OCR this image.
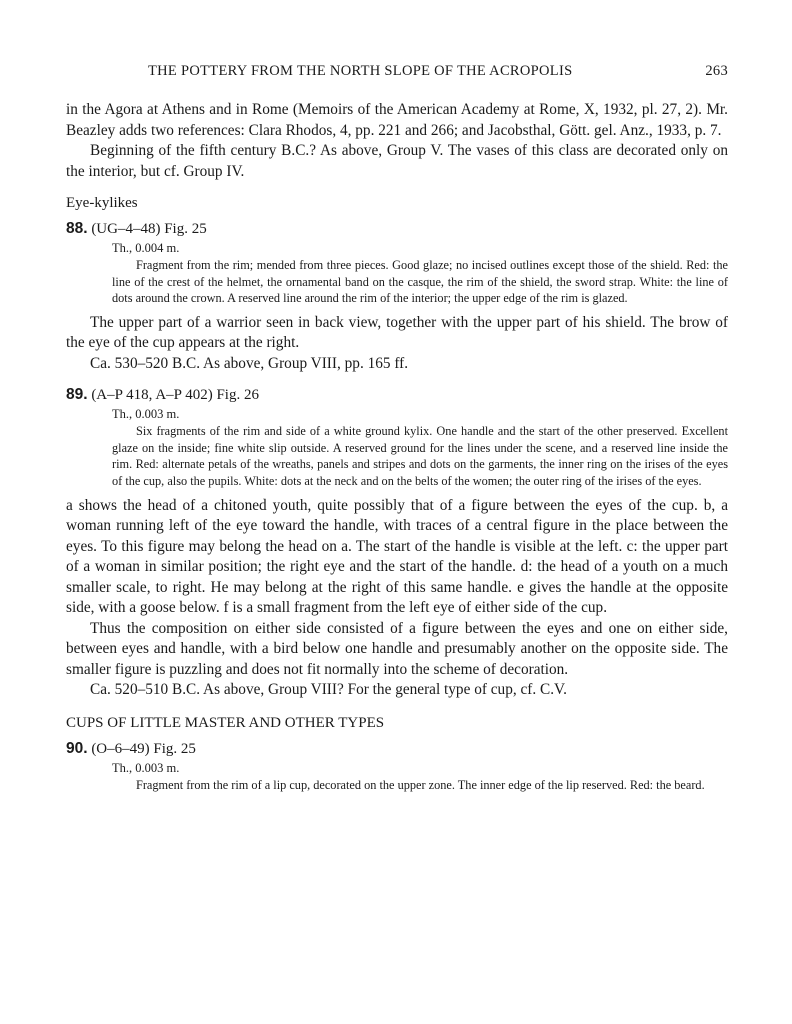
THE POTTERY FROM THE NORTH SLOPE OF THE ACROPOLIS	263

in the Agora at Athens and in Rome (Memoirs of the American Academy at Rome, X, 1932, pl. 27, 2). Mr. Beazley adds two references: Clara Rhodos, 4, pp. 221 and 266; and Jacobsthal, Gött. gel. Anz., 1933, p. 7.

Beginning of the fifth century B.C.? As above, Group V. The vases of this class are decorated only on the interior, but cf. Group IV.

Eye-kylikes

88. (UG–4–48) Fig. 25

Th., 0.004 m.

Fragment from the rim; mended from three pieces. Good glaze; no incised outlines except those of the shield. Red: the line of the crest of the helmet, the ornamental band on the casque, the rim of the shield, the sword strap. White: the line of dots around the crown. A reserved line around the rim of the interior; the upper edge of the rim is glazed.

The upper part of a warrior seen in back view, together with the upper part of his shield. The brow of the eye of the cup appears at the right.

Ca. 530–520 B.C. As above, Group VIII, pp. 165 ff.

89. (A–P 418, A–P 402) Fig. 26

Th., 0.003 m.

Six fragments of the rim and side of a white ground kylix. One handle and the start of the other preserved. Excellent glaze on the inside; fine white slip outside. A reserved ground for the lines under the scene, and a reserved line inside the rim. Red: alternate petals of the wreaths, panels and stripes and dots on the garments, the inner ring on the irises of the eyes of the cup, also the pupils. White: dots at the neck and on the belts of the women; the outer ring of the irises of the eyes.

a shows the head of a chitoned youth, quite possibly that of a figure between the eyes of the cup. b, a woman running left of the eye toward the handle, with traces of a central figure in the place between the eyes. To this figure may belong the head on a. The start of the handle is visible at the left. c: the upper part of a woman in similar position; the right eye and the start of the handle. d: the head of a youth on a much smaller scale, to right. He may belong at the right of this same handle. e gives the handle at the opposite side, with a goose below. f is a small fragment from the left eye of either side of the cup.

Thus the composition on either side consisted of a figure between the eyes and one on either side, between eyes and handle, with a bird below one handle and presumably another on the opposite side. The smaller figure is puzzling and does not fit normally into the scheme of decoration.

Ca. 520–510 B.C. As above, Group VIII? For the general type of cup, cf. C.V.

CUPS OF LITTLE MASTER AND OTHER TYPES

90. (O–6–49) Fig. 25

Th., 0.003 m.

Fragment from the rim of a lip cup, decorated on the upper zone. The inner edge of the lip reserved. Red: the beard.
